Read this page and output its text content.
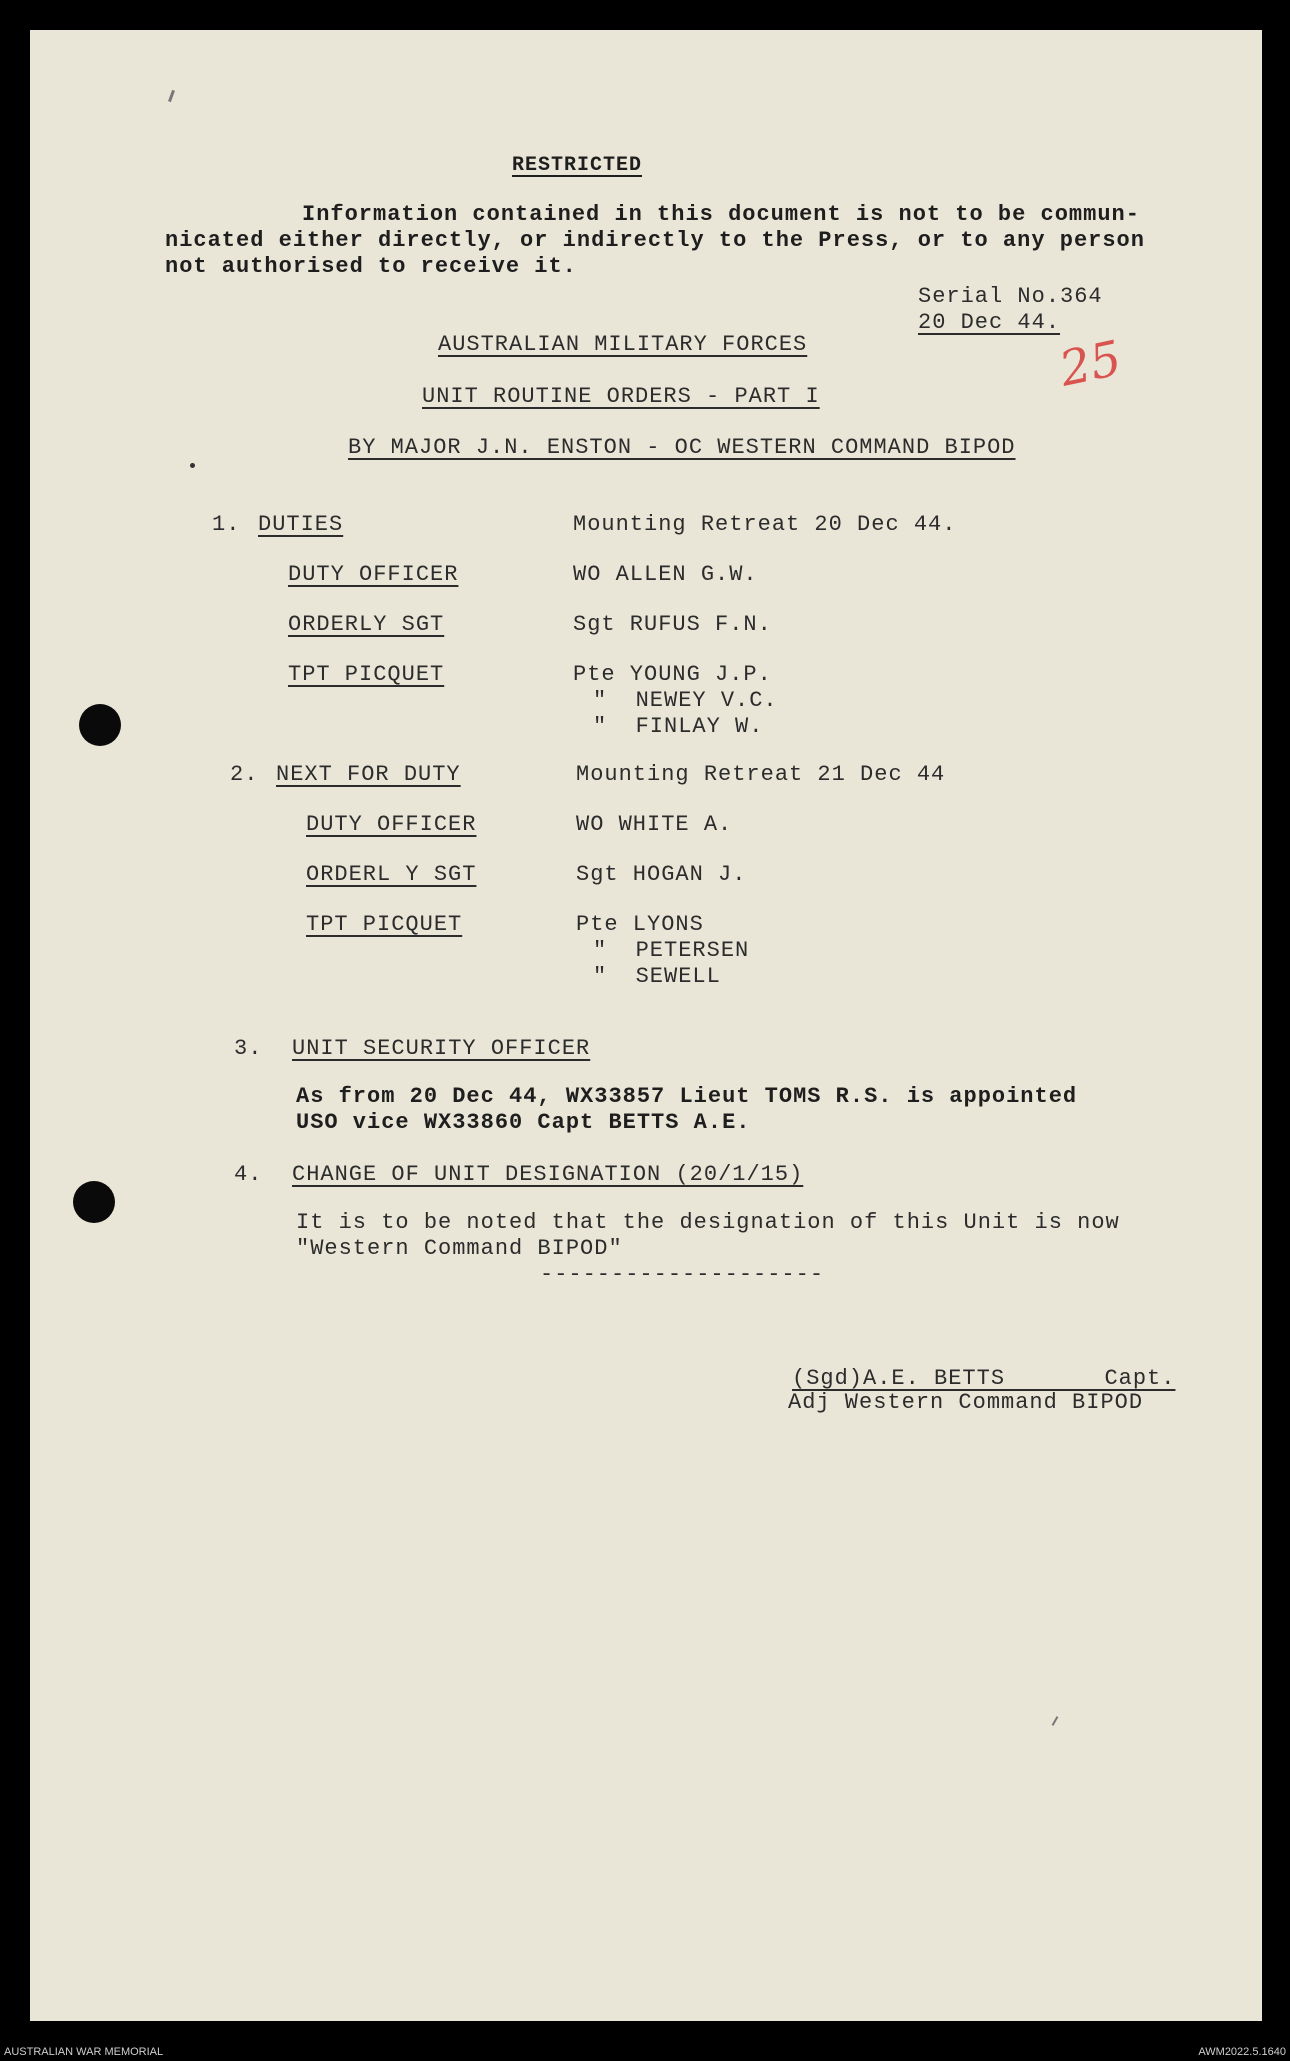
RESTRICTED
Information contained in this document is not to be commun-
nicated either directly, or indirectly to the Press, or to any person
not authorised to receive it.
Serial No.364
20 Dec 44.
AUSTRALIAN MILITARY FORCES
UNIT ROUTINE ORDERS - PART I
BY MAJOR J.N. ENSTON - OC WESTERN COMMAND BIPOD
25
1. DUTIES	Mounting Retreat 20 Dec 44.
DUTY OFFICER	WO ALLEN G.W.
ORDERLY SGT	Sgt RUFUS F.N.
TPT PICQUET	Pte YOUNG J.P.
"  NEWEY V.C.
"  FINLAY W.
2. NEXT FOR DUTY	Mounting Retreat 21 Dec 44
DUTY OFFICER	WO WHITE A.
ORDERL Y SGT	Sgt HOGAN J.
TPT PICQUET	Pte LYONS
"  PETERSEN
"  SEWELL
3. UNIT SECURITY OFFICER
As from 20 Dec 44, WX33857 Lieut TOMS R.S. is appointed
USO vice WX33860 Capt BETTS A.E.
4. CHANGE OF UNIT DESIGNATION (20/1/15)
It is to be noted that the designation of this Unit is now
"Western Command BIPOD"
--------------------
(Sgd)A.E. BETTS       Capt.
Adj Western Command BIPOD
AUSTRALIAN WAR MEMORIAL	AWM2022.5.1640
